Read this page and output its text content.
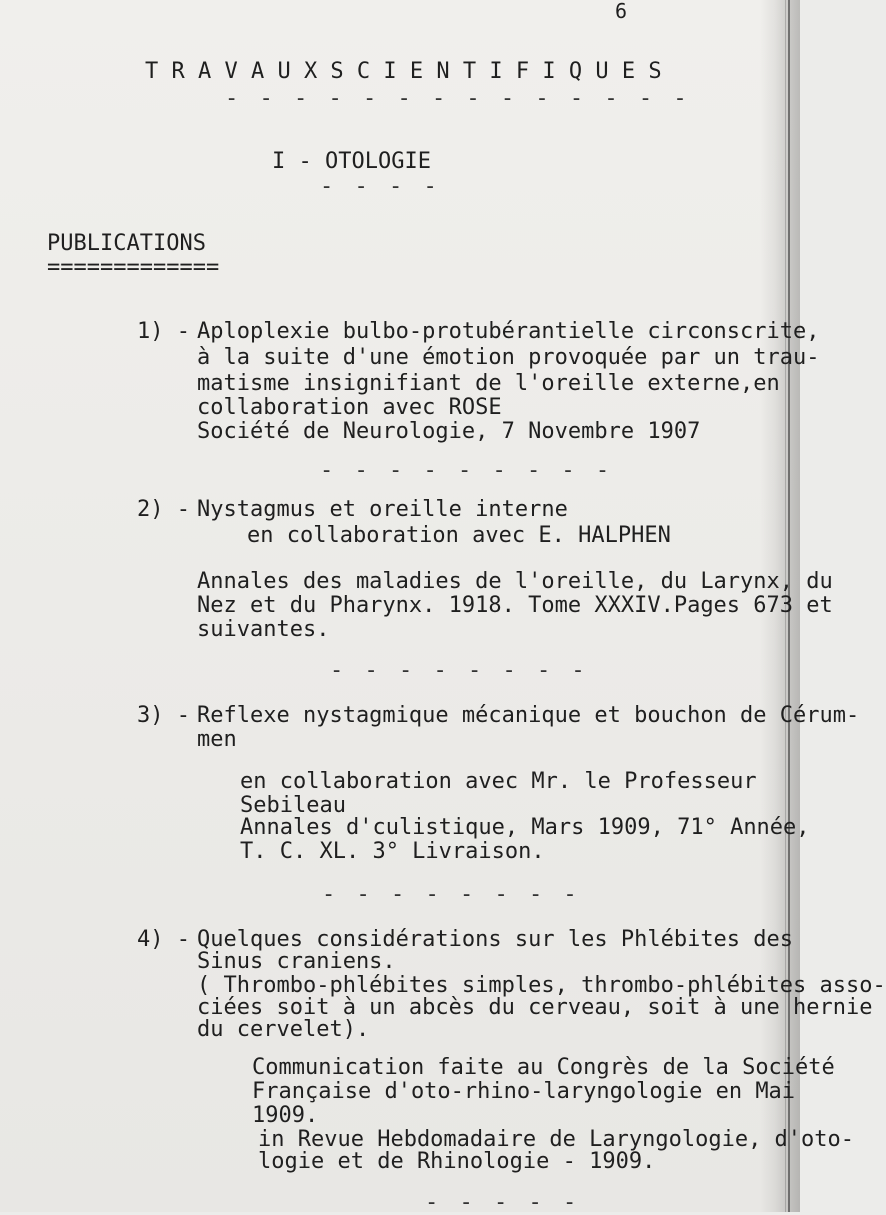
6
T R A V A U X S C I E N T I F I Q U E S
- - - - - - - - - - - - - -
I - OTOLOGIE
- - - -
PUBLICATIONS
=============
1) - Aploplexie bulbo-protubérantielle circonscrite,
à la suite d'une émotion provoquée par un trau-
matisme insignifiant de l'oreille externe,en
collaboration avec ROSE
Société de Neurologie, 7 Novembre 1907
- - - - - - - - -
2) - Nystagmus et oreille interne
en collaboration avec E. HALPHEN
Annales des maladies de l'oreille, du Larynx, du
Nez et du Pharynx. 1918. Tome XXXIV.Pages 673 et
suivantes.
- - - - - - - -
3) - Reflexe nystagmique mécanique et bouchon de Cérum-
men
en collaboration avec Mr. le Professeur
Sebileau
Annales d'culistique, Mars 1909, 71° Année,
T. C. XL. 3° Livraison.
- - - - - - - -
4) - Quelques considérations sur les Phlébites des
Sinus craniens.
( Thrombo-phlébites simples, thrombo-phlébites asso-
ciées soit à un abcès du cerveau, soit à une hernie
du cervelet).
Communication faite au Congrès de la Société
Française d'oto-rhino-laryngologie en Mai
1909.
in Revue Hebdomadaire de Laryngologie, d'oto-
logie et de Rhinologie - 1909.
- - - - -
